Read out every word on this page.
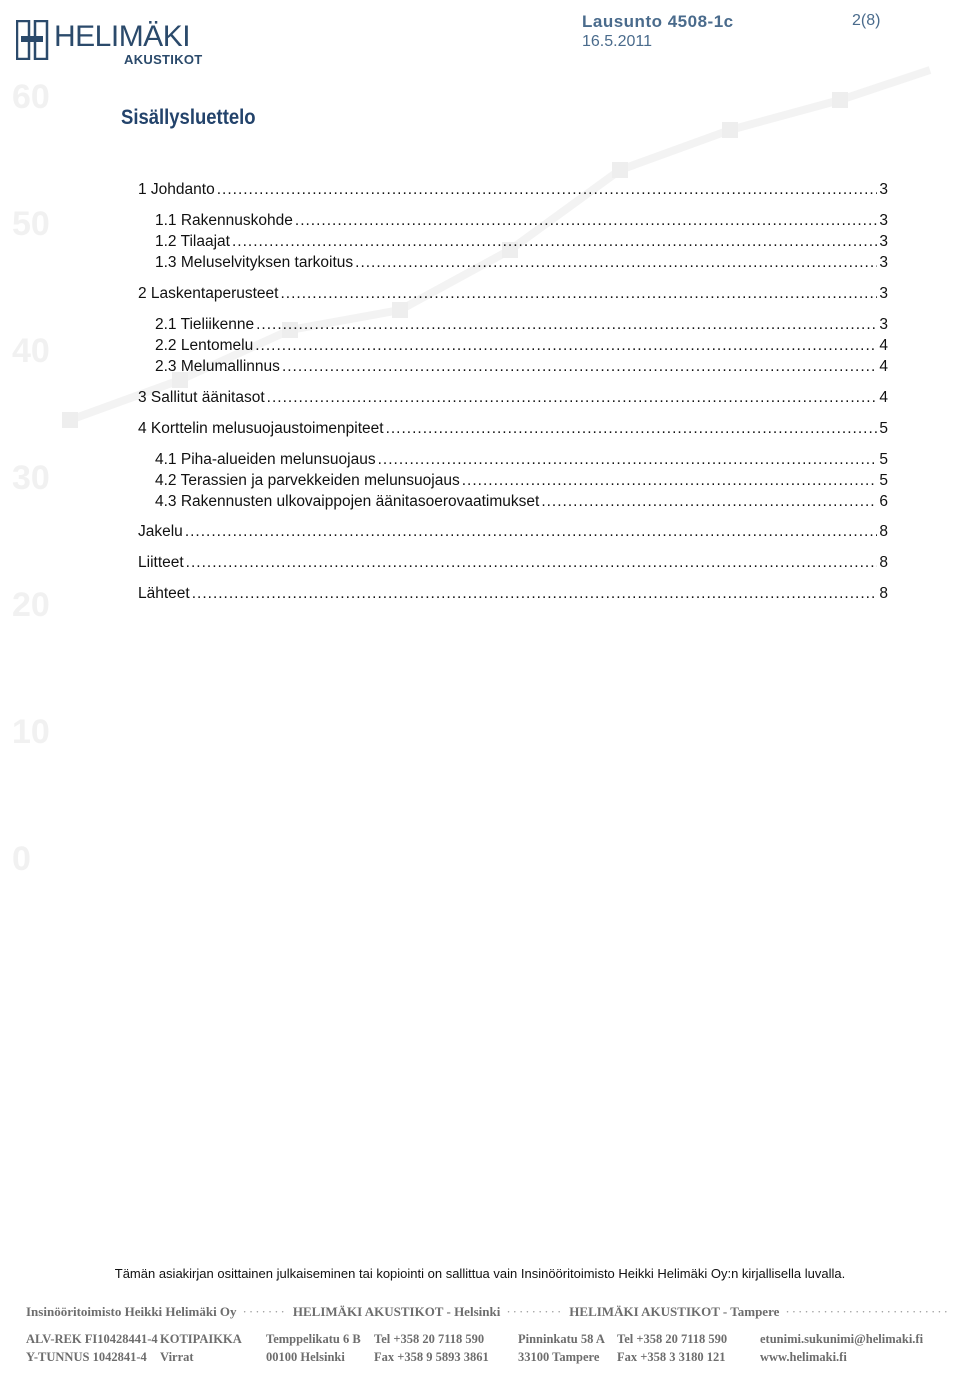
60
50
40
30
20
10
0
HELIMÄKI
AKUSTIKOT
Lausunto 4508-1c
16.5.2011
2(8)
Sisällysluettelo
1 Johdanto .....	3
1.1 Rakennuskohde .....	3
1.2 Tilaajat .....	3
1.3 Meluselvityksen tarkoitus .....	3
2 Laskentaperusteet .....	3
2.1 Tieliikenne .....	3
2.2 Lentomelu .....	4
2.3 Melumallinnus .....	4
3 Sallitut äänitasot .....	4
4 Korttelin melusuojaustoimenpiteet .....	5
4.1 Piha-alueiden melunsuojaus .....	5
4.2 Terassien ja parvekkeiden melunsuojaus .....	5
4.3 Rakennusten ulkovaippojen äänitasoerovaatimukset .....	6
Jakelu .....	8
Liitteet .....	8
Lähteet .....	8
Tämän asiakirjan osittainen julkaiseminen tai kopiointi on sallittua vain Insinööritoimisto Heikki Helimäki Oy:n kirjallisella luvalla.
Insinööritoimisto Heikki Helimäki Oy ······· HELIMÄKI AKUSTIKOT - Helsinki ········· HELIMÄKI AKUSTIKOT - Tampere
·····
ALV-REK FI10428441-4
Y-TUNNUS 1042841-4
KOTIPAIKKA
Virrat
Temppelikatu 6 B
00100 Helsinki
Tel +358 20 7118 590
Fax +358 9 5893 3861
Pinninkatu 58 A
33100 Tampere
Tel +358 20 7118 590
Fax +358 3 3180 121
etunimi.sukunimi@helimaki.fi
www.helimaki.fi
